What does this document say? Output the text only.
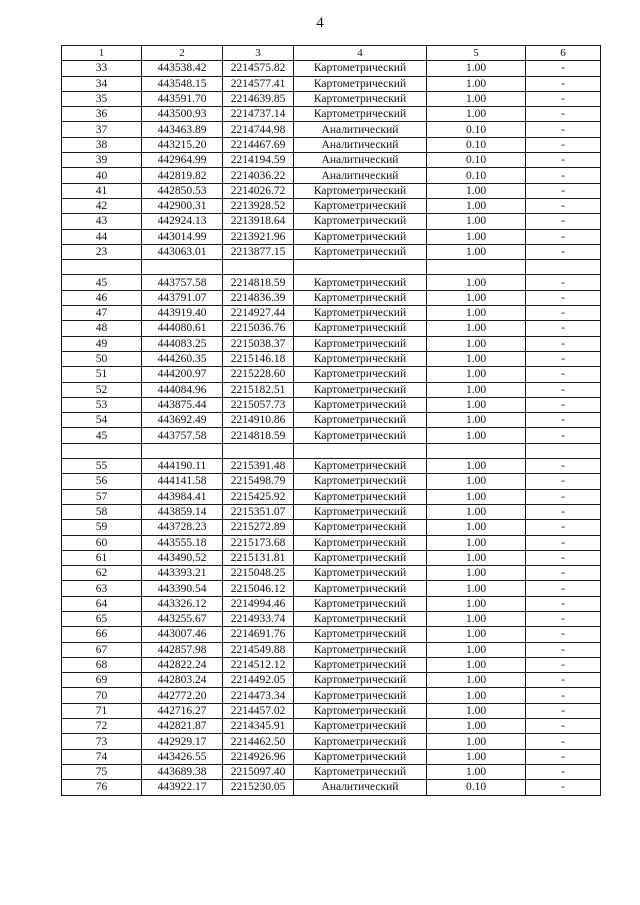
4
1	2	3	4	5	6
33	443538.42	2214575.82	Картометрический	1.00	-
34	443548.15	2214577.41	Картометрический	1.00	-
35	443591.70	2214639.85	Картометрический	1.00	-
36	443500.93	2214737.14	Картометрический	1.00	-
37	443463.89	2214744.98	Аналитический	0.10	-
38	443215.20	2214467.69	Аналитический	0.10	-
39	442964.99	2214194.59	Аналитический	0.10	-
40	442819.82	2214036.22	Аналитический	0.10	-
41	442850.53	2214026.72	Картометрический	1.00	-
42	442900.31	2213928.52	Картометрический	1.00	-
43	442924.13	2213918.64	Картометрический	1.00	-
44	443014.99	2213921.96	Картометрический	1.00	-
23	443063.01	2213877.15	Картометрический	1.00	-

45	443757.58	2214818.59	Картометрический	1.00	-
46	443791.07	2214836.39	Картометрический	1.00	-
47	443919.40	2214927.44	Картометрический	1.00	-
48	444080.61	2215036.76	Картометрический	1.00	-
49	444083.25	2215038.37	Картометрический	1.00	-
50	444260.35	2215146.18	Картометрический	1.00	-
51	444200.97	2215228.60	Картометрический	1.00	-
52	444084.96	2215182.51	Картометрический	1.00	-
53	443875.44	2215057.73	Картометрический	1.00	-
54	443692.49	2214910.86	Картометрический	1.00	-
45	443757.58	2214818.59	Картометрический	1.00	-

55	444190.11	2215391.48	Картометрический	1.00	-
56	444141.58	2215498.79	Картометрический	1.00	-
57	443984.41	2215425.92	Картометрический	1.00	-
58	443859.14	2215351.07	Картометрический	1.00	-
59	443728.23	2215272.89	Картометрический	1.00	-
60	443555.18	2215173.68	Картометрический	1.00	-
61	443490.52	2215131.81	Картометрический	1.00	-
62	443393.21	2215048.25	Картометрический	1.00	-
63	443390.54	2215046.12	Картометрический	1.00	-
64	443326.12	2214994.46	Картометрический	1.00	-
65	443255.67	2214933.74	Картометрический	1.00	-
66	443007.46	2214691.76	Картометрический	1.00	-
67	442857.98	2214549.88	Картометрический	1.00	-
68	442822.24	2214512.12	Картометрический	1.00	-
69	442803.24	2214492.05	Картометрический	1.00	-
70	442772.20	2214473.34	Картометрический	1.00	-
71	442716.27	2214457.02	Картометрический	1.00	-
72	442821.87	2214345.91	Картометрический	1.00	-
73	442929.17	2214462.50	Картометрический	1.00	-
74	443426.55	2214926.96	Картометрический	1.00	-
75	443689.38	2215097.40	Картометрический	1.00	-
76	443922.17	2215230.05	Аналитический	0.10	-
